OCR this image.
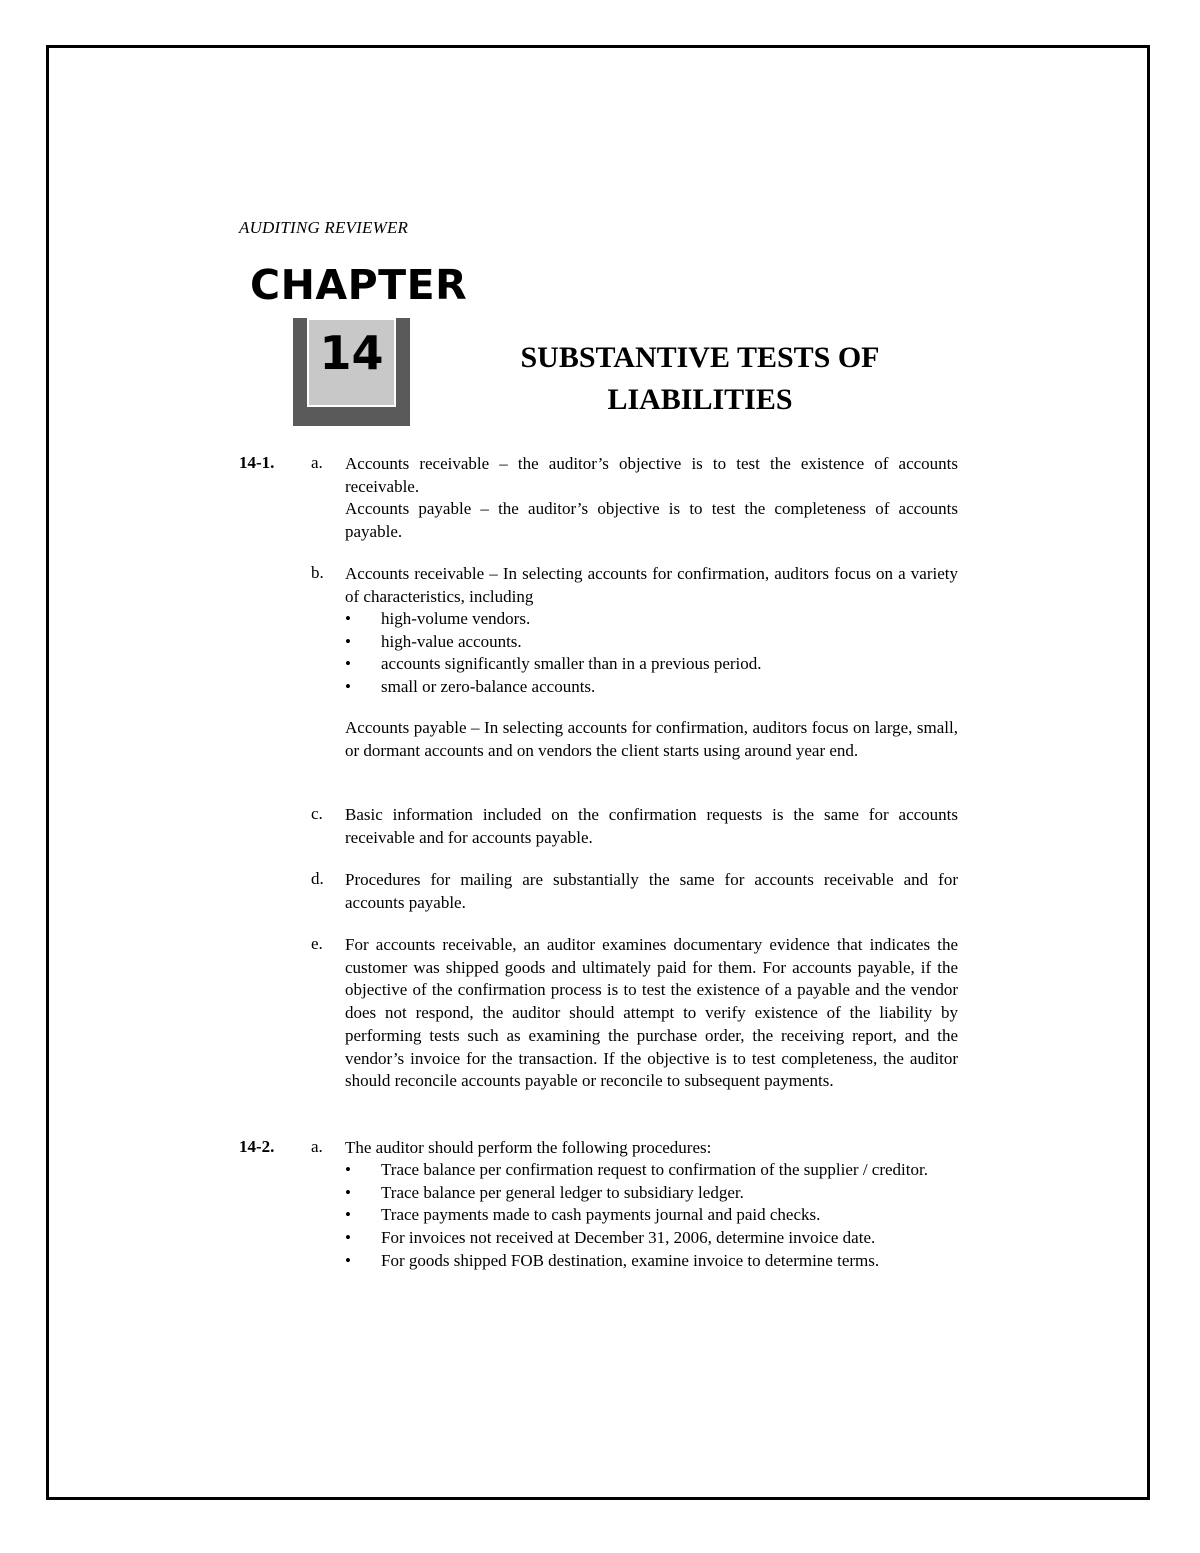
AUDITING REVIEWER
CHAPTER
14	SUBSTANTIVE TESTS OF
LIABILITIES
14-1. a. Accounts receivable – the auditor’s objective is to test the existence of accounts receivable.
Accounts payable – the auditor’s objective is to test the completeness of accounts payable.
b. Accounts receivable – In selecting accounts for confirmation, auditors focus on a variety of characteristics, including
• high-volume vendors.
• high-value accounts.
• accounts significantly smaller than in a previous period.
• small or zero-balance accounts.
Accounts payable – In selecting accounts for confirmation, auditors focus on large, small, or dormant accounts and on vendors the client starts using around year end.
c. Basic information included on the confirmation requests is the same for accounts receivable and for accounts payable.
d. Procedures for mailing are substantially the same for accounts receivable and for accounts payable.
e. For accounts receivable, an auditor examines documentary evidence that indicates the customer was shipped goods and ultimately paid for them. For accounts payable, if the objective of the confirmation process is to test the existence of a payable and the vendor does not respond, the auditor should attempt to verify existence of the liability by performing tests such as examining the purchase order, the receiving report, and the vendor’s invoice for the transaction. If the objective is to test completeness, the auditor should reconcile accounts payable or reconcile to subsequent payments.
14-2. a. The auditor should perform the following procedures:
• Trace balance per confirmation request to confirmation of the supplier / creditor.
• Trace balance per general ledger to subsidiary ledger.
• Trace payments made to cash payments journal and paid checks.
• For invoices not received at December 31, 2006, determine invoice date.
• For goods shipped FOB destination, examine invoice to determine terms.
